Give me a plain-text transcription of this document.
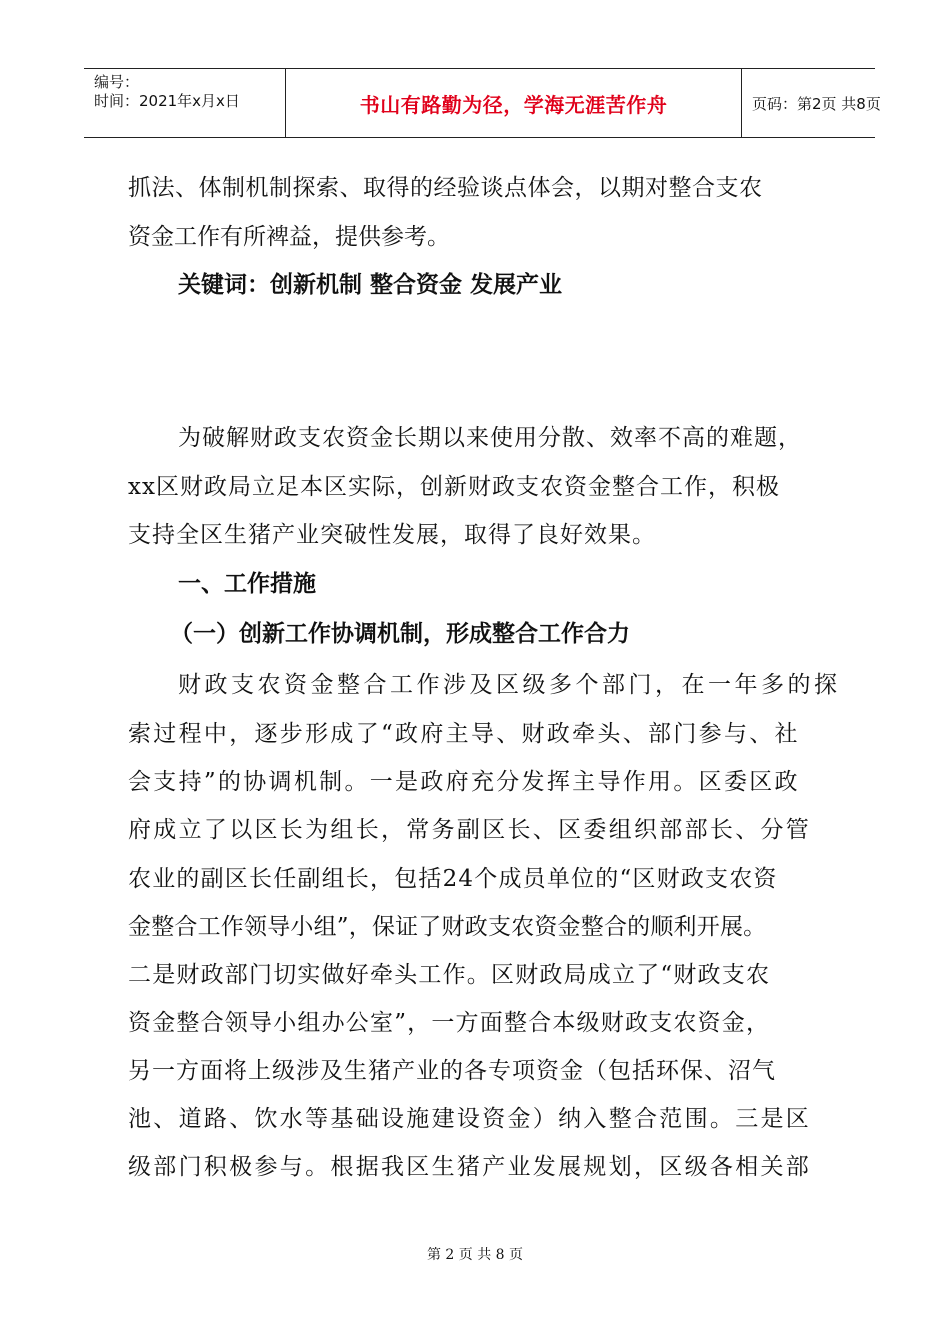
编号：
时间：2021年x月x日	书山有路勤为径，学海无涯苦作舟	页码：第2页 共8页
抓法、体制机制探索、取得的经验谈点体会，以期对整合支农
资金工作有所裨益，提供参考。
关键词：创新机制 整合资金 发展产业
为破解财政支农资金长期以来使用分散、效率不高的难题，
xx区财政局立足本区实际，创新财政支农资金整合工作，积极
支持全区生猪产业突破性发展，取得了良好效果。
一、工作措施
（一）创新工作协调机制，形成整合工作合力
财政支农资金整合工作涉及区级多个部门，在一年多的探
索过程中，逐步形成了“政府主导、财政牵头、部门参与、社
会支持”的协调机制。一是政府充分发挥主导作用。区委区政
府成立了以区长为组长，常务副区长、区委组织部部长、分管
农业的副区长任副组长，包括24个成员单位的“区财政支农资
金整合工作领导小组”，保证了财政支农资金整合的顺利开展。
二是财政部门切实做好牵头工作。区财政局成立了“财政支农
资金整合领导小组办公室”，一方面整合本级财政支农资金，
另一方面将上级涉及生猪产业的各专项资金（包括环保、沼气
池、道路、饮水等基础设施建设资金）纳入整合范围。三是区
级部门积极参与。根据我区生猪产业发展规划，区级各相关部
第 2 页 共 8 页
